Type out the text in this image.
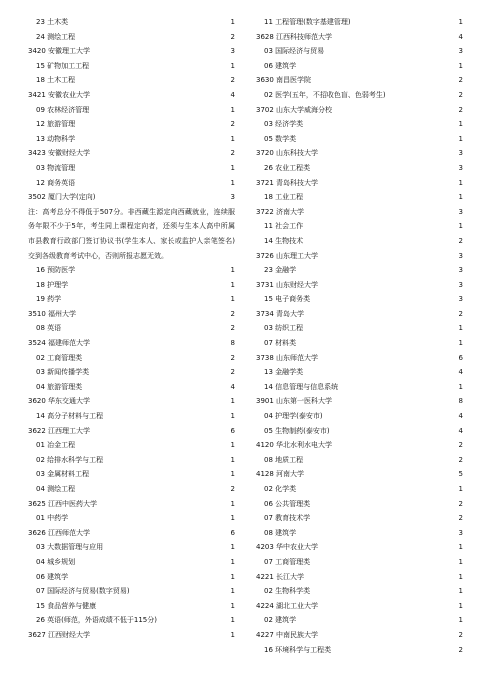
23 土木类	1
24 测绘工程	2
3420 安徽理工大学	3
15 矿物加工工程	1
18 土木工程	2
3421 安徽农业大学	4
09 农林经济管理	1
12 旅游管理	2
13 动物科学	1
3423 安徽财经大学	2
03 物流管理	1
12 商务英语	1
3502 厦门大学(定向)	3
注：高考总分不得低于507分。非西藏生源定向西藏就业，连续服务年限不少于5年，考生同上课程定向者，还须与生本人高中所属市县教育行政部门签订协议书(学生本人、家长或监护人亲笔签名)交到各级教育考试中心，否则所报志愿无效。
16 预防医学	1
18 护理学	1
19 药学	1
3510 福州大学	2
08 英语	2
3524 福建师范大学	8
02 工商管理类	2
03 新闻传播学类	2
04 旅游管理类	4
3620 华东交通大学	1
14 高分子材料与工程	1
3622 江西理工大学	6
01 冶金工程	1
02 给排水科学与工程	1
03 金属材料工程	1
04 测绘工程	2
3625 江西中医药大学	1
01 中药学	1
3626 江西师范大学	6
03 大数据管理与应用	1
04 城乡规划	1
06 建筑学	1
07 国际经济与贸易(数字贸易)	1
15 食品营养与健康	1
26 英语(师范，外语成绩不低于115分)	1
3627 江西财经大学	1
11 工程管理(数字基建管理)	1
3628 江西科技师范大学	4
03 国际经济与贸易	3
06 建筑学	1
3630 南昌医学院	2
02 医学(五年，不招收色盲、色弱考生)	2
3702 山东大学威海分校	2
03 经济学类	1
05 数学类	1
3720 山东科技大学	3
26 农业工程类	3
3721 青岛科技大学	1
18 工业工程	1
3722 济南大学	3
11 社会工作	1
14 生物技术	2
3726 山东理工大学	3
23 金融学	3
3731 山东财经大学	3
15 电子商务类	3
3734 青岛大学	2
03 纺织工程	1
07 材料类	1
3738 山东师范大学	6
13 金融学类	4
14 信息管理与信息系统	1
3901 山东第一医科大学	8
04 护理学(泰安市)	4
05 生物制药(泰安市)	4
4120 华北水利水电大学	2
08 地质工程	2
4128 河南大学	5
02 化学类	1
06 公共管理类	2
07 教育技术学	2
08 建筑学	3
4203 华中农业大学	1
07 工商管理类	1
4221 长江大学	1
02 生物科学类	1
4224 湖北工业大学	1
02 建筑学	1
4227 中南民族大学	2
16 环境科学与工程类	2
